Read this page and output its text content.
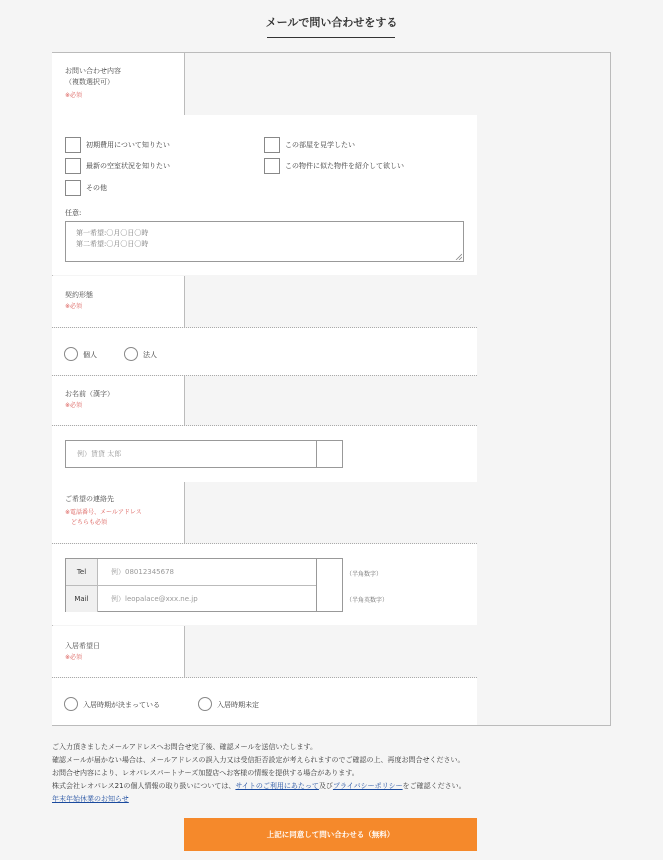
メールで問い合わせをする
お問い合わせ内容
（複数選択可）
※必須
初期費用について知りたい	この部屋を見学したい
最新の空室状況を知りたい	この物件に似た物件を紹介して欲しい
その他
任意:
第一希望:〇月〇日〇時
第二希望:〇月〇日〇時
契約形態
※必須
個人	法人
お名前（漢字）
※必須
例）賃貸 太郎
ご希望の連絡先
※電話番号、メールアドレス
どちらも必須
Tel	例）08012345678
Mail	例）leopalace@xxx.ne.jp
（半角数字）
（半角英数字）
入居希望日
※必須
入居時期が決まっている	入居時期未定
ご入力頂きましたメールアドレスへお問合せ完了後、確認メールを送信いたします。
確認メールが届かない場合は、メールアドレスの誤入力又は受信拒否設定が考えられますのでご確認の上、再度お問合せください。
お問合せ内容により、レオパレスパートナーズ加盟店へお客様の情報を提供する場合があります。
株式会社レオパレス21の個人情報の取り扱いについては、サイトのご利用にあたって及びプライバシーポリシーをご確認ください。
年末年始休業のお知らせ
上記に同意して問い合わせる（無料）
